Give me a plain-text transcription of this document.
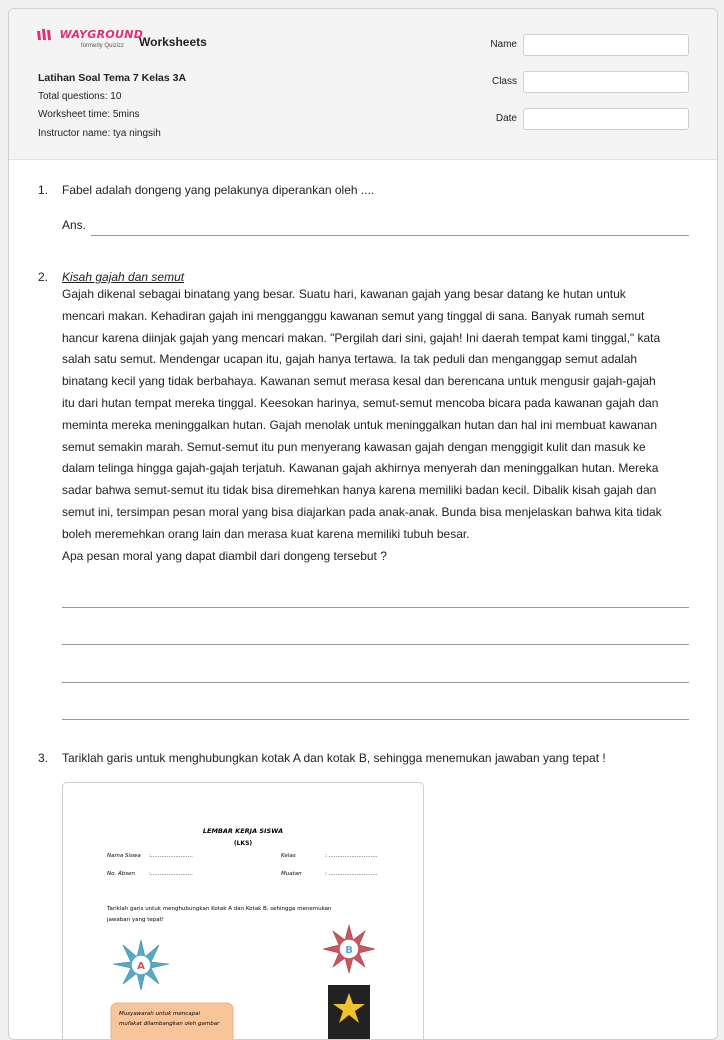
WAYGROUND
formerly Quizizz Worksheets
Latihan Soal Tema 7 Kelas 3A
Total questions: 10
Worksheet time: 5mins
Instructor name: tya ningsih
Name
Class
Date
1. Fabel adalah dongeng yang pelakunya diperankan oleh ....
Ans.
2. Kisah gajah dan semut
Gajah dikenal sebagai binatang yang besar. Suatu hari, kawanan gajah yang besar datang ke hutan untuk
mencari makan. Kehadiran gajah ini mengganggu kawanan semut yang tinggal di sana. Banyak rumah semut
hancur karena diinjak gajah yang mencari makan. "Pergilah dari sini, gajah! Ini daerah tempat kami tinggal," kata
salah satu semut. Mendengar ucapan itu, gajah hanya tertawa. Ia tak peduli dan menganggap semut adalah
binatang kecil yang tidak berbahaya. Kawanan semut merasa kesal dan berencana untuk mengusir gajah-gajah
itu dari hutan tempat mereka tinggal. Keesokan harinya, semut-semut mencoba bicara pada kawanan gajah dan
meminta mereka meninggalkan hutan. Gajah menolak untuk meninggalkan hutan dan hal ini membuat kawanan
semut semakin marah. Semut-semut itu pun menyerang kawasan gajah dengan menggigit kulit dan masuk ke
dalam telinga hingga gajah-gajah terjatuh. Kawanan gajah akhirnya menyerah dan meninggalkan hutan. Mereka
sadar bahwa semut-semut itu tidak bisa diremehkan hanya karena memiliki badan kecil. Dibalik kisah gajah dan
semut ini, tersimpan pesan moral yang bisa diajarkan pada anak-anak. Bunda bisa menjelaskan bahwa kita tidak
boleh meremehkan orang lain dan merasa kuat karena memiliki tubuh besar.
Apa pesan moral yang dapat diambil dari dongeng tersebut ?
3. Tariklah garis untuk menghubungkan kotak A dan kotak B, sehingga menemukan jawaban yang tepat !
LEMBAR KERJA SISWA
(LKS)
Nama Siswa :........................	Kelas	: ............................
No. Absen	:........................	Muatan	: ............................
Tariklah garis untuk menghubungkan Kotak A dan Kotak B, sehingga menemukan
jawaban yang tepat!
A
B
Musyawarah untuk mencapai
mufakat dilambangkan oleh gambar
